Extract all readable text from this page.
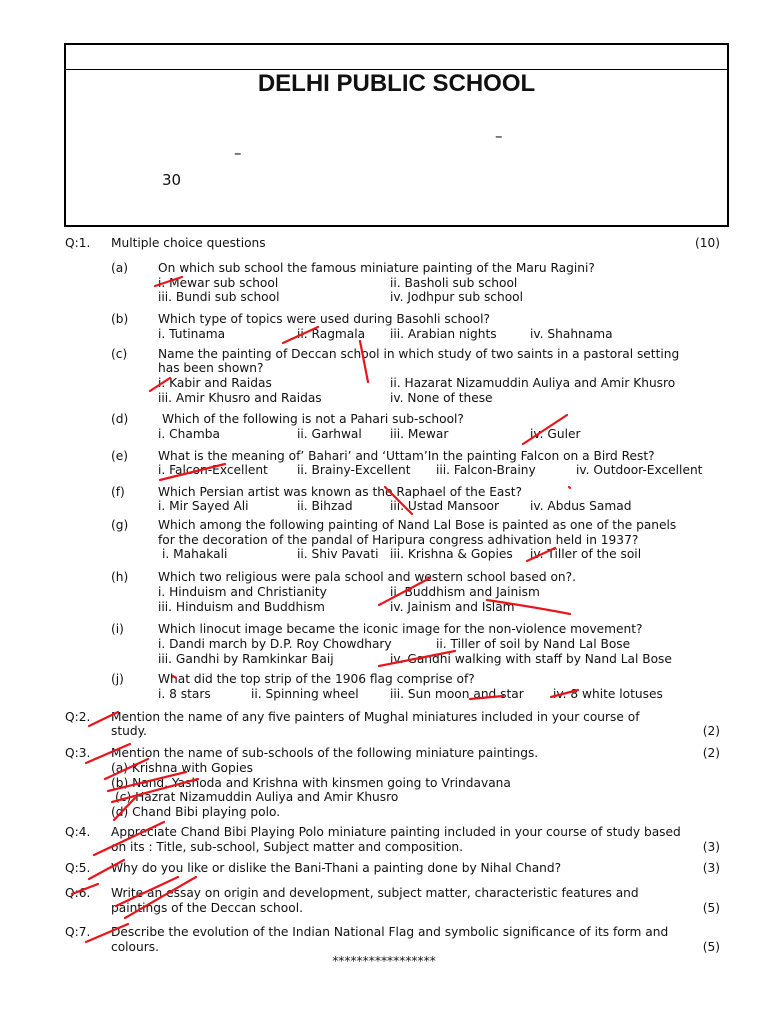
DELHI PUBLIC SCHOOL
–
–
30
Q:1. Multiple choice questions	(10)
(a) On which sub school the famous miniature painting of the Maru Ragini?
i. Mewar sub school	ii. Basholi sub school
iii. Bundi sub school	iv. Jodhpur sub school
(b) Which type of topics were used during Basohli school?
i. Tutinama	ii. Ragmala iii. Arabian nights	iv. Shahnama
(c)	Name the painting of Deccan school in which study of two saints in a pastoral setting
has been shown?
i. Kabir and Raidas	ii. Hazarat Nizamuddin Auliya and Amir Khusro
iii. Amir Khusro and Raidas	iv. None of these
(d)	Which of the following is not a Pahari sub-school?
i. Chamba	ii. Garhwal iii. Mewar	iv. Guler
(e) What is the meaning of’ Bahari’ and ‘Uttam’In the painting Falcon on a Bird Rest?
i. Falcon-Excellent ii. Brainy-Excellent iii. Falcon-Brainy	iv. Outdoor-Excellent
(f)	Which Persian artist was known as the Raphael of the East?
i. Mir Sayed Ali	ii. Bihzad	iii. Ustad Mansoor	iv. Abdus Samad
(g) Which among the following painting of Nand Lal Bose is painted as one of the panels
for the decoration of the pandal of Haripura congress adhivation held in 1937?
i. Mahakali	ii. Shiv Pavati iii. Krishna & Gopies iv. Tiller of the soil
(h) Which two religious were pala school and western school based on?.
i. Hinduism and Christianity	ii. Buddhism and Jainism
iii. Hinduism and Buddhism	iv. Jainism and Islam
(i)	Which linocut image became the iconic image for the non-violence movement?
i. Dandi march by D.P. Roy Chowdhary	ii. Tiller of soil by Nand Lal Bose
iii. Gandhi by Ramkinkar Baij	iv. Gandhi walking with staff by Nand Lal Bose
(j)	What did the top strip of the 1906 flag comprise of?
i. 8 stars	ii. Spinning wheel	iii. Sun moon and star iv. 8 white lotuses
Q:2. Mention the name of any five painters of Mughal miniatures included in your course of
study.	(2)
Q:3. Mention the name of sub-schools of the following miniature paintings.	(2)
(a) Krishna with Gopies
(b) Nand, Yashoda and Krishna with kinsmen going to Vrindavana
(c) Hazrat Nizamuddin Auliya and Amir Khusro
(d) Chand Bibi playing polo.
Q:4. Appreciate Chand Bibi Playing Polo miniature painting included in your course of study based
on its : Title, sub-school, Subject matter and composition.	(3)
Q:5. Why do you like or dislike the Bani-Thani a painting done by Nihal Chand?	(3)
Q:6. Write an essay on origin and development, subject matter, characteristic features and
paintings of the Deccan school.	(5)
Q:7. Describe the evolution of the Indian National Flag and symbolic significance of its form and
colours.	(5)
*****************
